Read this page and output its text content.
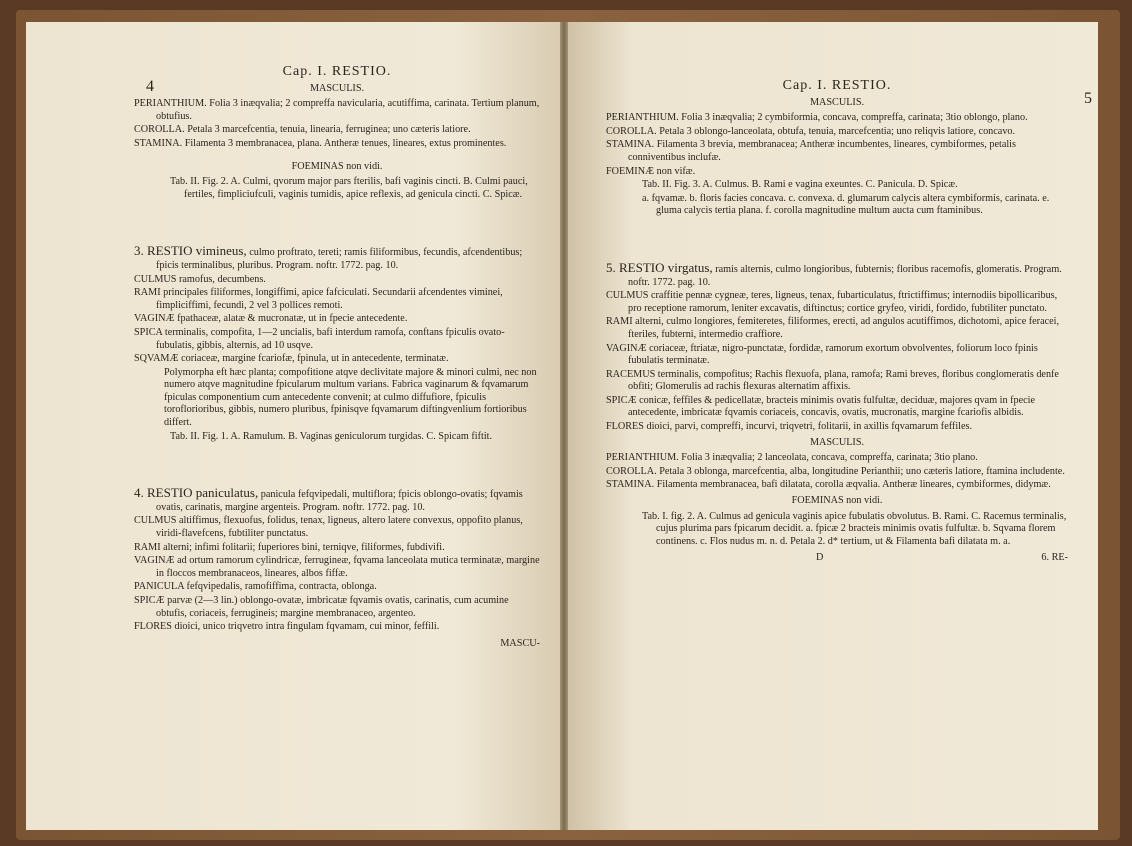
Cap. I. RESTIO.
MASCULIS.

PERIANTHIUM. Folia 3 inæqvalia; 2 compreffa navicularia, acutiffima, carinata. Tertium planum, obtufius.

COROLLA. Petala 3 marcefcentia, tenuia, linearia, ferruginea; uno cæteris latiore.

STAMINA. Filamenta 3 membranacea, plana. Antheræ tenues, lineares, extus prominentes.

FOEMINAS non vidi.

Tab. II. Fig. 2. A. Culmi, qvorum major pars fterilis, bafi vaginis cincti. B. Culmi pauci, fertiles, fimpliciufculi, vaginis tumidis, apice reflexis, ad genicula cincti. C. Spicæ.

3. RESTIO vimineus, culmo proftrato, tereti; ramis filiformibus, fecundis, afcendentibus; fpicis terminalibus, pluribus. Program. noftr. 1772. pag. 10.

CULMUS ramofus, decumbens.

RAMI principales filiformes, longiffimi, apice fafciculati. Secundarii afcendentes viminei, fimpliciffimi, fecundi, 2 vel 3 pollices remoti.

VAGINÆ fpathaceæ, alatæ & mucronatæ, ut in fpecie antecedente.

SPICA terminalis, compofita, 1—2 uncialis, bafi interdum ramofa, conftans fpiculis ovato-fubulatis, gibbis, alternis, ad 10 usqve.

SQVAMÆ coriaceæ, margine fcariofæ, fpinula, ut in antecedente, terminatæ.

Polymorpha eft hæc planta; compofitione atqve declivitate majore & minori culmi, nec non numero atqve magnitudine fpicularum multum varians. Fabrica vaginarum & fqvamarum fpiculas componentium cum antecedente convenit; at culmo diffufiore, fpiculis toroflorioribus, gibbis, numero pluribus, fpinisqve fqvamarum diftingvenlium fortioribus differt.

Tab. II. Fig. 1. A. Ramulum. B. Vaginas geniculorum turgidas. C. Spicam fiftit.

4. RESTIO paniculatus, panicula fefqvipedali, multiflora; fpicis oblongo-ovatis; fqvamis ovatis, carinatis, margine argenteis. Program. noftr. 1772. pag. 10.

CULMUS altiffimus, flexuofus, folidus, tenax, ligneus, altero latere convexus, oppofito planus, viridi-flavefcens, fubtiliter punctatus.

RAMI alterni; infimi folitarii; fuperiores bini, terniqve, filiformes, fubdivifi.

VAGINÆ ad ortum ramorum cylindricæ, ferrugineæ, fqvama lanceolata mutica terminatæ, margine in floccos membranaceos, lineares, albos fiffæ.

PANICULA fefqvipedalis, ramofiffima, contracta, oblonga.

SPICÆ parvæ (2—3 lin.) oblongo-ovatæ, imbricatæ fqvamis ovatis, carinatis, cum acumine obtufis, coriaceis, ferrugineis; margine membranaceo, argenteo.

FLORES dioici, unico triqvetro intra fingulam fqvamam, cui minor, feffili.

MASCU-
4	Cap. I. RESTIO.
MASCULIS.

PERIANTHIUM. Folia 3 inæqvalia; 2 cymbiformia, concava, compreffa, carinata; 3tio oblongo, plano.

COROLLA. Petala 3 oblongo-lanceolata, obtufa, tenuia, marcefcentia; uno reliqvis latiore, concavo.

STAMINA. Filamenta 3 brevia, membranacea; Antheræ incumbentes, lineares, cymbiformes, petalis conniventibus inclufæ.

FOEMINÆ non vifæ.

Tab. II. Fig. 3. A. Culmus. B. Rami e vagina exeuntes. C. Panicula. D. Spicæ.

a. fqvamæ. b. floris facies concava. c. convexa. d. glumarum calycis altera cymbiformis, carinata. e. gluma calycis tertia plana. f. corolla magnitudine multum aucta cum ftaminibus.

5. RESTIO virgatus, ramis alternis, culmo longioribus, fubternis; floribus racemofis, glomeratis. Program. noftr. 1772. pag. 10.

CULMUS craffitie pennæ cygneæ, teres, ligneus, tenax, fubarticulatus, ftrictiffimus; internodiis bipollicaribus, pro receptione ramorum, leniter excavatis, diftinctus; cortice gryfeo, viridi, fordido, fubtiliter punctato.

RAMI alterni, culmo longiores, femiteretes, filiformes, erecti, ad angulos acutiffimos, dichotomi, apice feracei, fteriles, fubterni, intermedio craffiore.

VAGINÆ coriaceæ, ftriatæ, nigro-punctatæ, fordidæ, ramorum exortum obvolventes, foliorum loco fpinis fubulatis terminatæ.

RACEMUS terminalis, compofitus; Rachis flexuofa, plana, ramofa; Rami breves, floribus conglomeratis denfe obfiti; Glomerulis ad rachis flexuras alternatim affixis.

SPICÆ conicæ, feffiles & pedicellatæ, bracteis minimis ovatis fulfultæ, deciduæ, majores qvam in fpecie antecedente, imbricatæ fqvamis coriaceis, concavis, ovatis, mucronatis, margine fcariofis albidis.

FLORES dioici, parvi, compreffi, incurvi, triqvetri, folitarii, in axillis fqvamarum feffiles.

MASCULIS.

PERIANTHIUM. Folia 3 inæqvalia; 2 lanceolata, concava, compreffa, carinata; 3tio plano.

COROLLA. Petala 3 oblonga, marcefcentia, alba, longitudine Perianthii; uno cæteris latiore, ftamina includente.

STAMINA. Filamenta membranacea, bafi dilatata, corolla æqvalia. Antheræ lineares, cymbiformes, didymæ.

FOEMINAS non vidi.

Tab. I. fig. 2. A. Culmus ad genicula vaginis apice fubulatis obvolutus. B. Rami. C. Racemus terminalis, cujus plurima pars fpicarum decidit. a. fpicæ 2 bracteis minimis ovatis fulfultæ. b. Sqvama florem continens. c. Flos nudus m. n. d. Petala 2. d* tertium, ut & Filamenta bafi dilatata m. a.

D	6. RE-
5
